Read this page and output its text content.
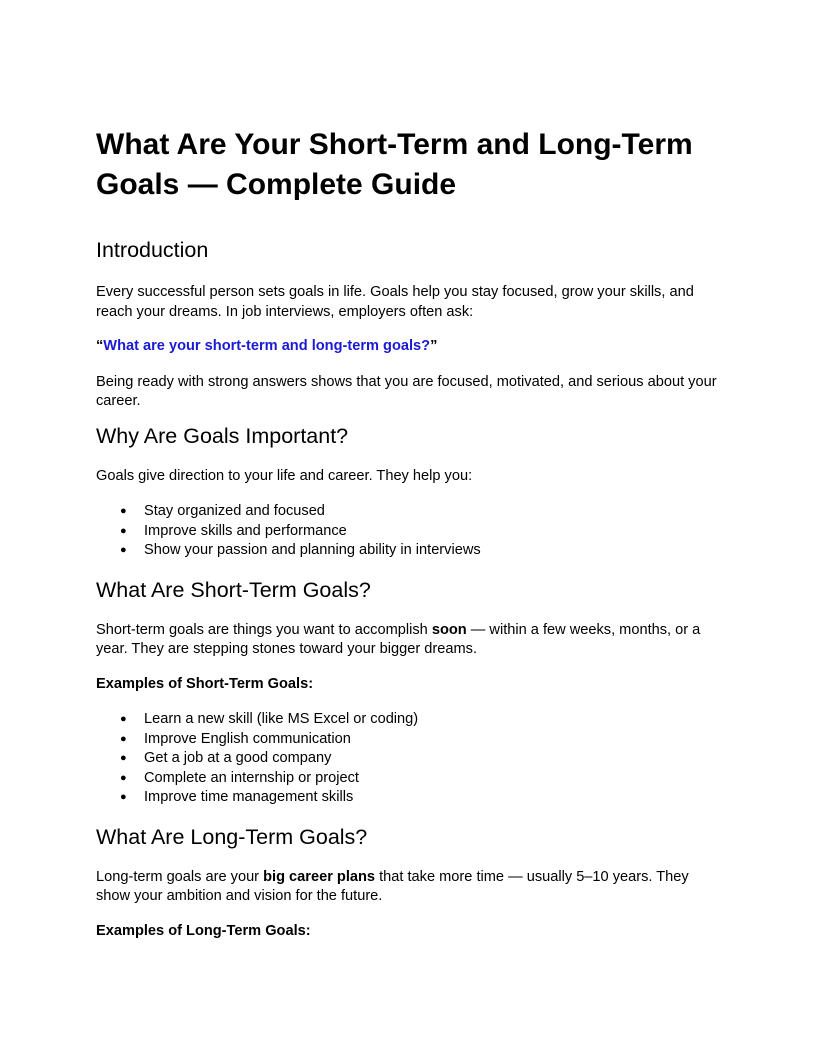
What Are Your Short-Term and Long-Term Goals — Complete Guide
Introduction

Every successful person sets goals in life. Goals help you stay focused, grow your skills, and reach your dreams. In job interviews, employers often ask:

“What are your short-term and long-term goals?”

Being ready with strong answers shows that you are focused, motivated, and serious about your career.

Why Are Goals Important?

Goals give direction to your life and career. They help you:

● Stay organized and focused
● Improve skills and performance
● Show your passion and planning ability in interviews
What Are Short-Term Goals?

Short-term goals are things you want to accomplish soon — within a few weeks, months, or a year. They are stepping stones toward your bigger dreams.

Examples of Short-Term Goals:

● Learn a new skill (like MS Excel or coding)
● Improve English communication
● Get a job at a good company
● Complete an internship or project
● Improve time management skills
What Are Long-Term Goals?

Long-term goals are your big career plans that take more time — usually 5–10 years. They show your ambition and vision for the future.

Examples of Long-Term Goals:
